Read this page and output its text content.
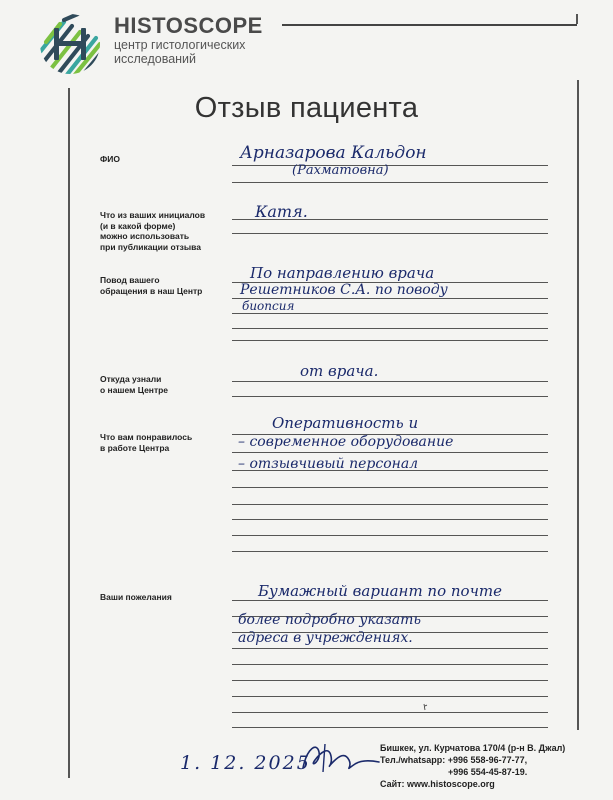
HISTOSCOPE
центр гистологических
исследований
Отзыв пациента
ФИО	Арназарова Кальдон
(Рахматовна)
Что из ваших инициалов
(и в какой форме)
можно использовать
при публикации отзыва
Катя.
Повод вашего
обращения в наш Центр
По направлению врача
Решетников С.А. по поводу
биопсия
Откуда узнали
о нашем Центре
от врача.
Что вам понравилось
в работе Центра
Оперативность и
– современное оборудование
– отзывчивый персонал
Ваши пожелания	Бумажный вариант по почте
более подробно указать
адреса в учреждениях.
1. 12. 2025
Бишкек, ул. Курчатова 170/4 (р-н В. Джал)
Тел./whatsapp: +996 558-96-77-77,
+996 554-45-87-19.
Сайт: www.histoscope.org
